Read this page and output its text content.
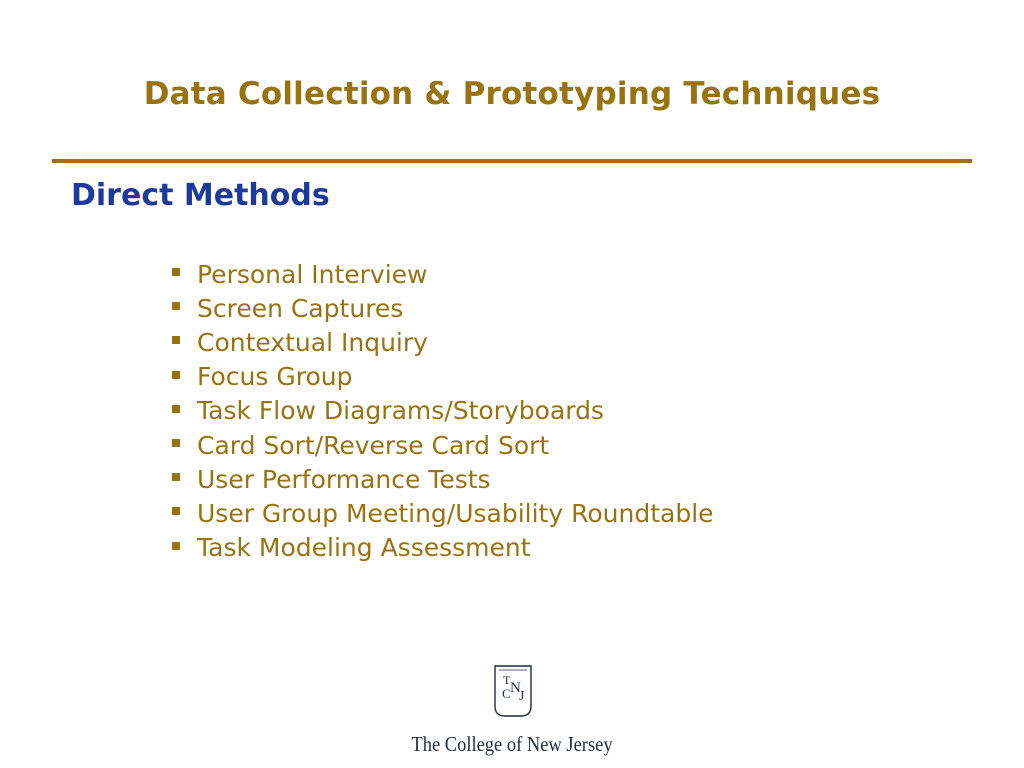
Data Collection & Prototyping Techniques
Direct Methods
Personal Interview
Screen Captures
Contextual Inquiry
Focus Group
Task Flow Diagrams/Storyboards
Card Sort/Reverse Card Sort
User Performance Tests
User Group Meeting/Usability Roundtable
Task Modeling Assessment
T
C N
J
The College of New Jersey
